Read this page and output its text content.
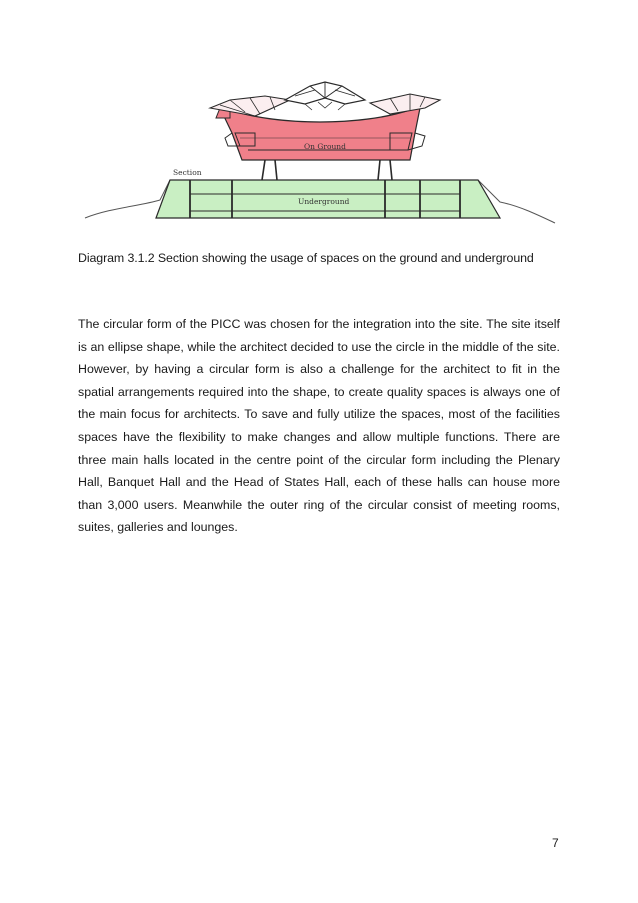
Section
On Ground
Underground
Diagram 3.1.2 Section showing the usage of spaces on the ground and underground

The circular form of the PICC was chosen for the integration into the site. The site itself is an ellipse shape, while the architect decided to use the circle in the middle of the site. However, by having a circular form is also a challenge for the architect to fit in the spatial arrangements required into the shape, to create quality spaces is always one of the main focus for architects. To save and fully utilize the spaces, most of the facilities spaces have the flexibility to make changes and allow multiple functions. There are three main halls located in the centre point of the circular form including the Plenary Hall, Banquet Hall and the Head of States Hall, each of these halls can house more than 3,000 users. Meanwhile the outer ring of the circular consist of meeting rooms, suites, galleries and lounges.

7
